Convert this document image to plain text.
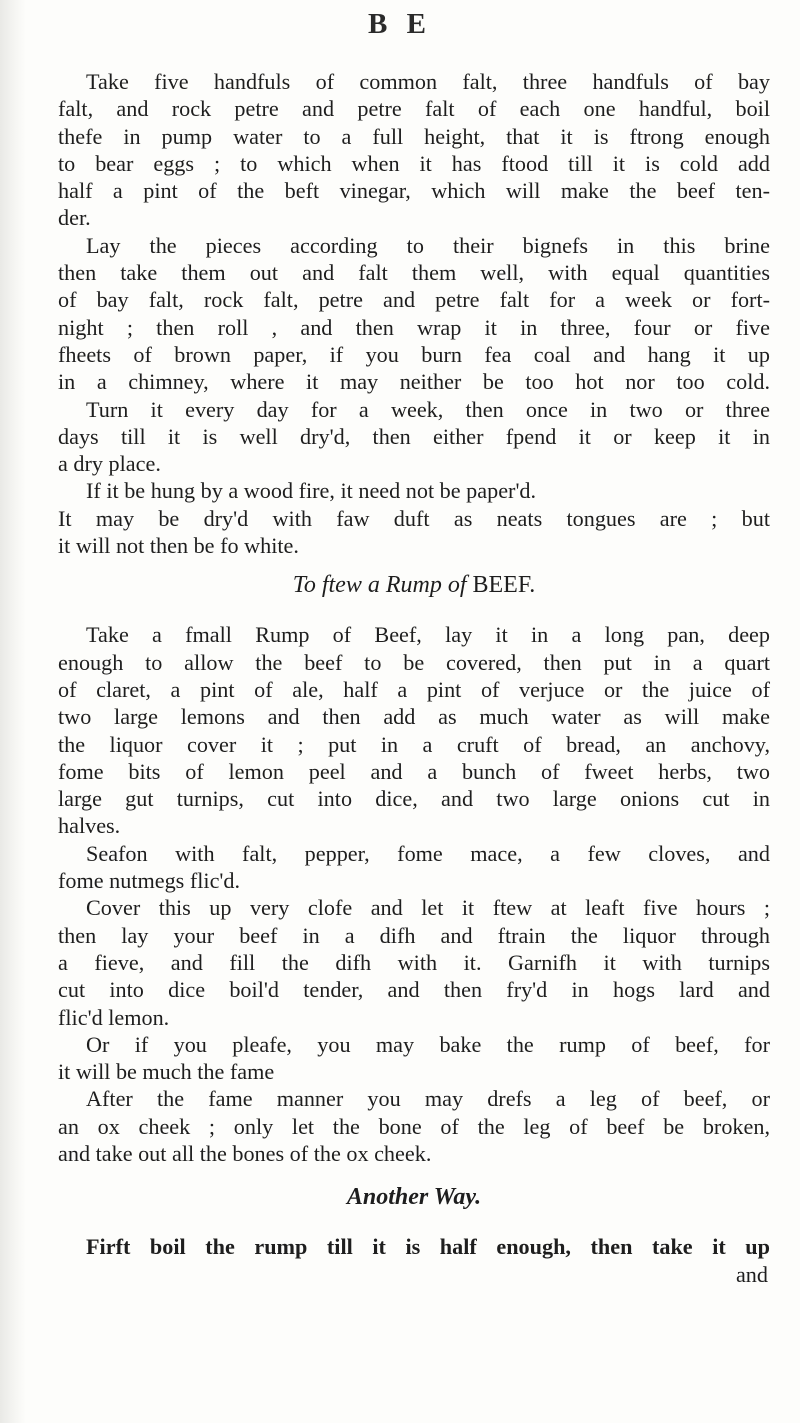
B E
Take five handfuls of common falt, three handfuls of bay
falt, and rock petre and petre falt of each one handful, boil
thefe in pump water to a full height, that it is ftrong enough
to bear eggs ; to which when it has ftood till it is cold add
half a pint of the beft vinegar, which will make the beef ten-
der.
Lay the pieces according to their bignefs in this brine
then take them out and falt them well, with equal quantities
of bay falt, rock falt, petre and petre falt for a week or fort-
night ; then roll , and then wrap it in three, four or five
fheets of brown paper, if you burn fea coal and hang it up
in a chimney, where it may neither be too hot nor too cold.
Turn it every day for a week, then once in two or three
days till it is well dry'd, then either fpend it or keep it in
a dry place.
If it be hung by a wood fire, it need not be paper'd.
It may be dry'd with faw duft as neats tongues are ; but
it will not then be fo white.
To ftew a Rump of BEEF.
Take a fmall Rump of Beef, lay it in a long pan, deep
enough to allow the beef to be covered, then put in a quart
of claret, a pint of ale, half a pint of verjuce or the juice of
two large lemons and then add as much water as will make
the liquor cover it ; put in a cruft of bread, an anchovy,
fome bits of lemon peel and a bunch of fweet herbs, two
large gut turnips, cut into dice, and two large onions cut in
halves.
Seafon with falt, pepper, fome mace, a few cloves, and
fome nutmegs flic'd.
Cover this up very clofe and let it ftew at leaft five hours ;
then lay your beef in a difh and ftrain the liquor through
a fieve, and fill the difh with it. Garnifh it with turnips
cut into dice boil'd tender, and then fry'd in hogs lard and
flic'd lemon.
Or if you pleafe, you may bake the rump of beef, for
it will be much the fame
After the fame manner you may drefs a leg of beef, or
an ox cheek ; only let the bone of the leg of beef be broken,
and take out all the bones of the ox cheek.
Another Way.
Firft boil the rump till it is half enough, then take it up
and
